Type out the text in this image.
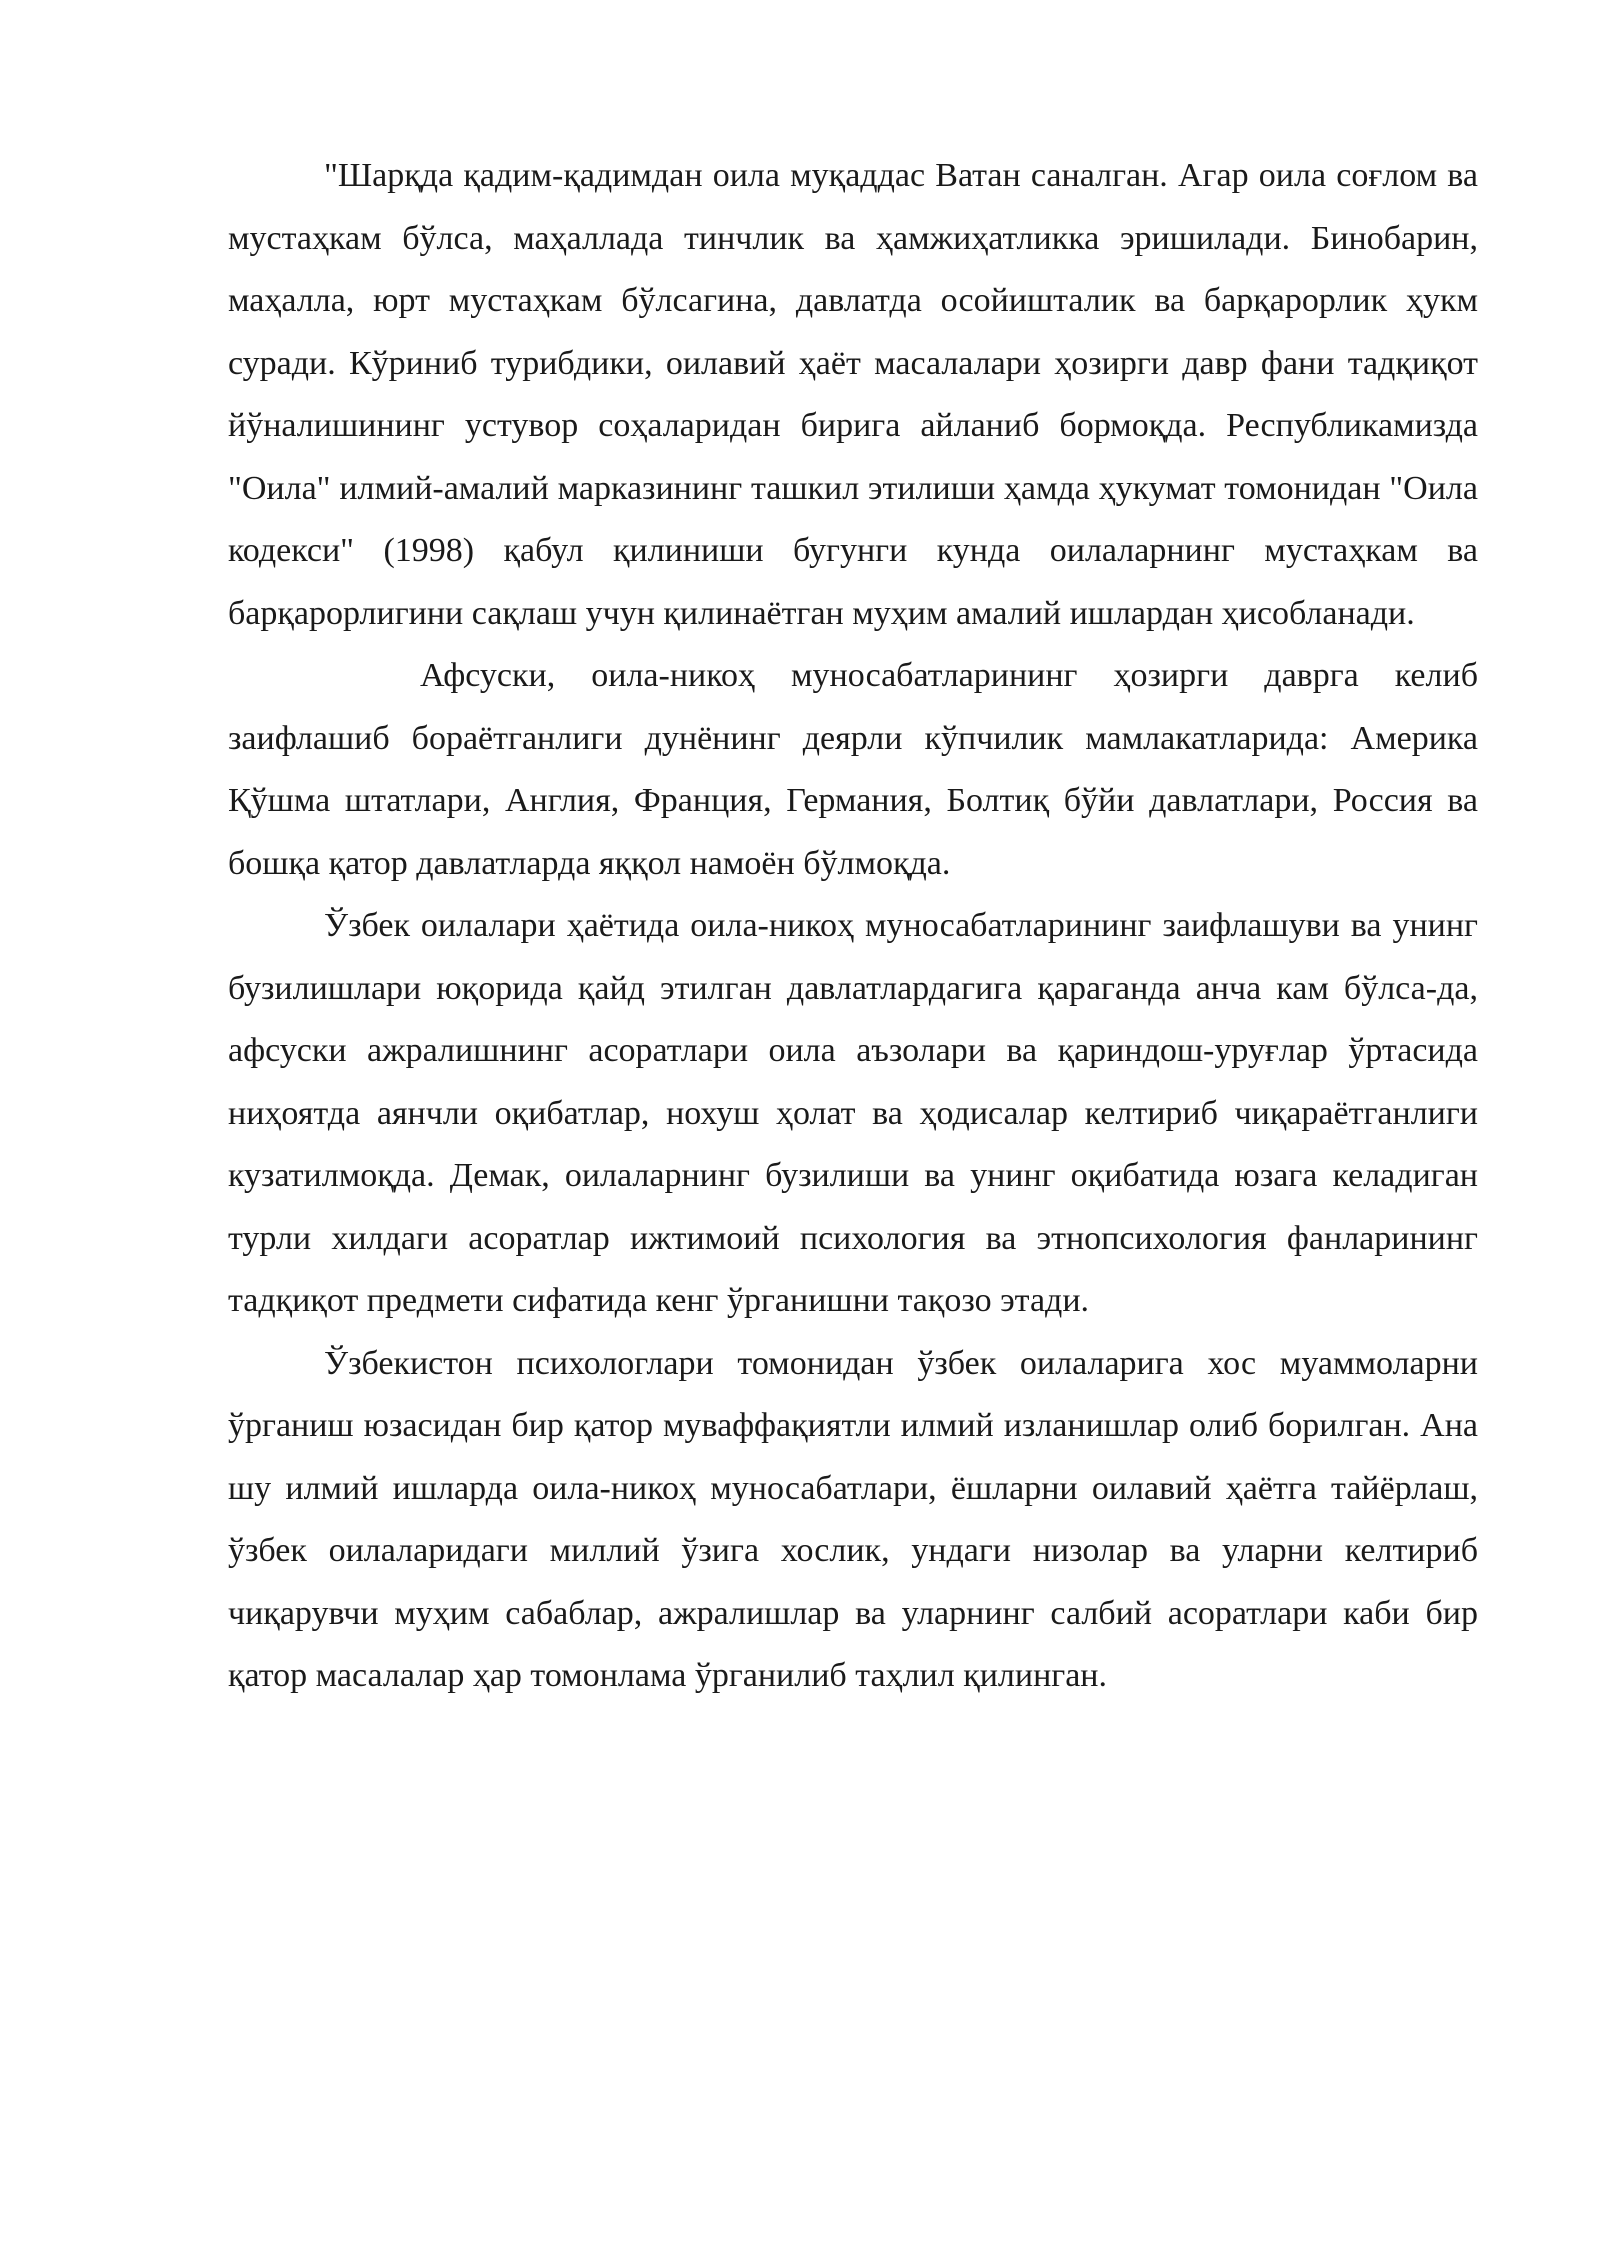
"Шарқда қадим-қадимдан оила муқаддас Ватан саналган. Агар оила соғлом ва мустаҳкам бўлса, маҳаллада тинчлик ва ҳамжиҳатликка эришилади. Бинобарин, маҳалла, юрт мустаҳкам бўлсагина, давлатда осойишталик ва барқарорлик ҳукм суради. Кўриниб турибдики, оилавий ҳаёт масалалари ҳозирги давр фани тадқиқот йўналишининг устувор соҳаларидан бирига айланиб бормоқда. Республикамизда "Оила" илмий-амалий марказининг ташкил этилиши ҳамда ҳукумат томонидан "Оила кодекси" (1998) қабул қилиниши бугунги кунда оилаларнинг мустаҳкам ва барқарорлигини сақлаш учун қилинаётган муҳим амалий ишлардан ҳисобланади.

Афсуски, оила-никоҳ муносабатларининг ҳозирги даврга келиб заифлашиб бораётганлиги дунёнинг деярли кўпчилик мамлакатларида: Америка Қўшма штатлари, Англия, Франция, Германия, Болтиқ бўйи давлатлари, Россия ва бошқа қатор давлатларда яққол намоён бўлмоқда.

Ўзбек оилалари ҳаётида оила-никоҳ муносабатларининг заифлашуви ва унинг бузилишлари юқорида қайд этилган давлатлардагига қараганда анча кам бўлса-да, афсуски ажралишнинг асоратлари оила аъзолари ва қариндош-уруғлар ўртасида ниҳоятда аянчли оқибатлар, нохуш ҳолат ва ҳодисалар келтириб чиқараётганлиги кузатилмоқда. Демак, оилаларнинг бузилиши ва унинг оқибатида юзага келадиган турли хилдаги асоратлар ижтимоий психология ва этнопсихология фанларининг тадқиқот предмети сифатида кенг ўрганишни тақозо этади.

Ўзбекистон психологлари томонидан ўзбек оилаларига хос муаммоларни ўрганиш юзасидан бир қатор муваффақиятли илмий изланишлар олиб борилган. Ана шу илмий ишларда оила-никоҳ муносабатлари, ёшларни оилавий ҳаётга тайёрлаш, ўзбек оилаларидаги миллий ўзига хослик, ундаги низолар ва уларни келтириб чиқарувчи муҳим сабаблар, ажралишлар ва уларнинг салбий асоратлари каби бир қатор масалалар ҳар томонлама ўрганилиб таҳлил қилинган.
